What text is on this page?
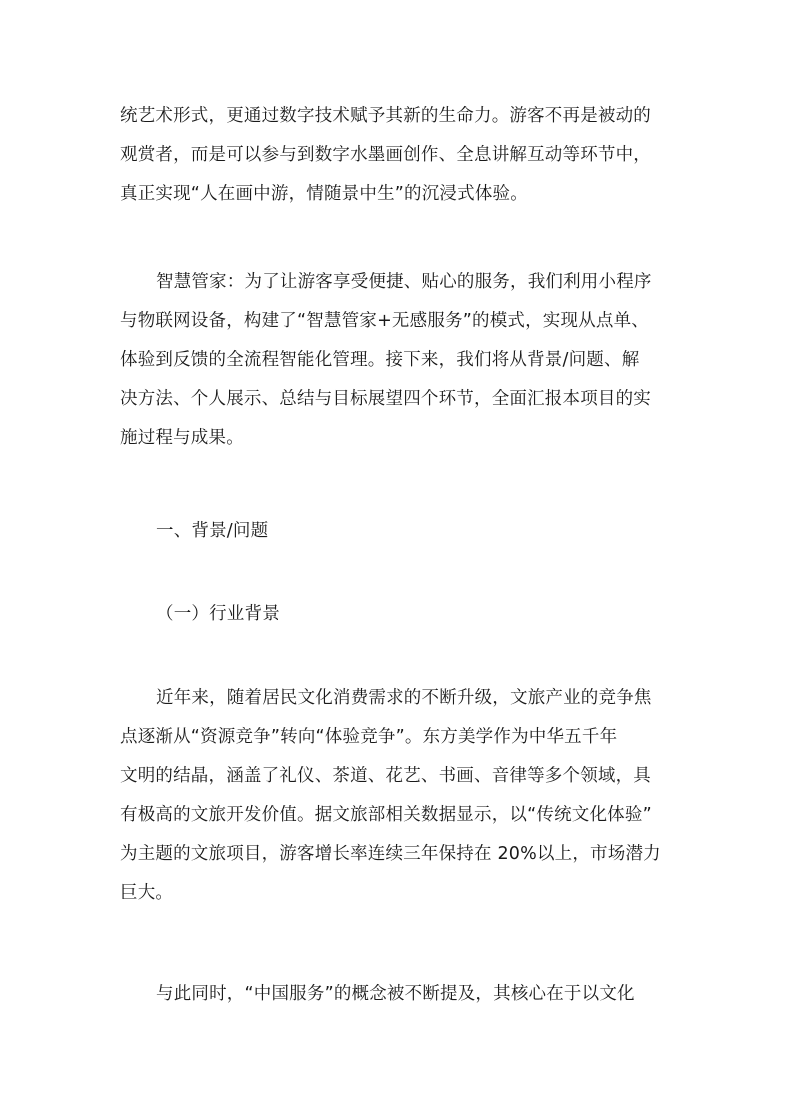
统艺术形式，更通过数字技术赋予其新的生命力。游客不再是被动的
观赏者，而是可以参与到数字水墨画创作、全息讲解互动等环节中，
真正实现“人在画中游，情随景中生”的沉浸式体验。
智慧管家：为了让游客享受便捷、贴心的服务，我们利用小程序
与物联网设备，构建了“智慧管家+无感服务”的模式，实现从点单、
体验到反馈的全流程智能化管理。接下来，我们将从背景/问题、解
决方法、个人展示、总结与目标展望四个环节，全面汇报本项目的实
施过程与成果。
一、背景/问题
（一）行业背景
近年来，随着居民文化消费需求的不断升级，文旅产业的竞争焦
点逐渐从“资源竞争”转向“体验竞争”。东方美学作为中华五千年
文明的结晶，涵盖了礼仪、茶道、花艺、书画、音律等多个领域，具
有极高的文旅开发价值。据文旅部相关数据显示，以“传统文化体验”
为主题的文旅项目，游客增长率连续三年保持在 20%以上，市场潜力
巨大。
与此同时，“中国服务”的概念被不断提及，其核心在于以文化
